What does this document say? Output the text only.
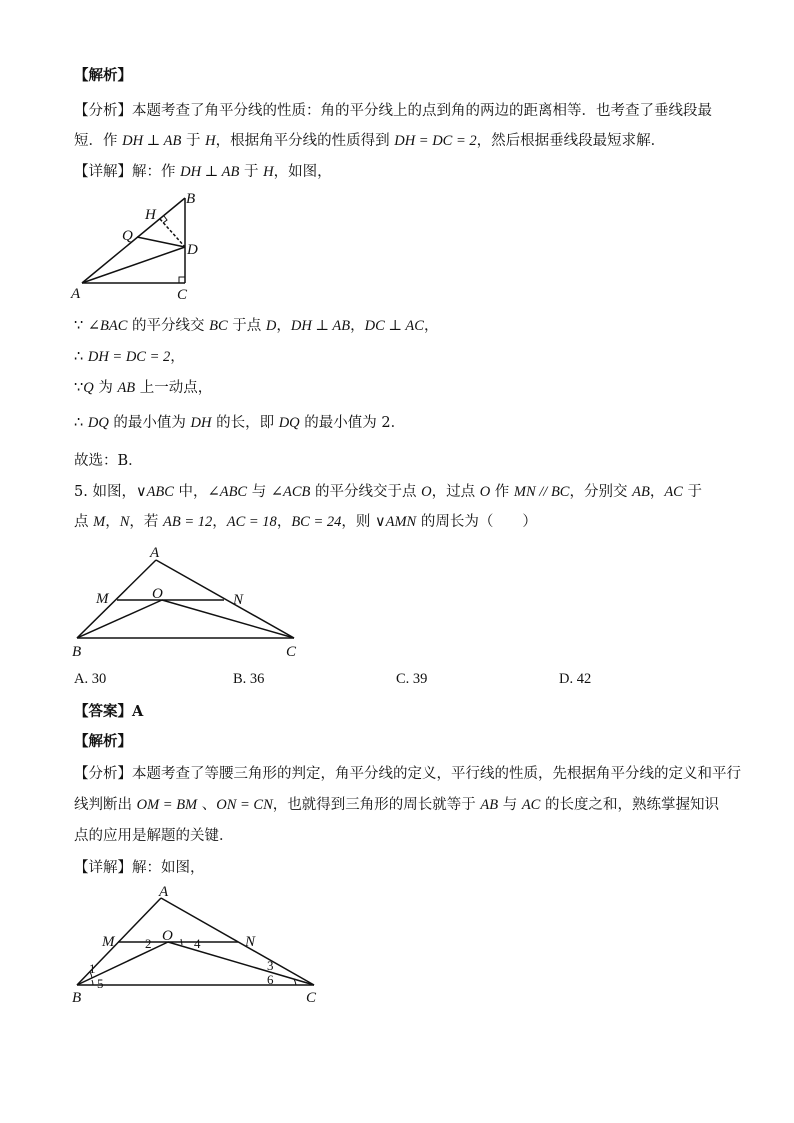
【解析】
【分析】本题考查了角平分线的性质：角的平分线上的点到角的两边的距离相等．也考查了垂线段最
短．作 DH ⊥ AB 于 H，根据角平分线的性质得到 DH = DC = 2，然后根据垂线段最短求解．
【详解】解：作 DH ⊥ AB 于 H，如图，
B
H
Q
D
A	C
∵ ∠BAC 的平分线交 BC 于点 D，DH ⊥ AB，DC ⊥ AC，
∴ DH = DC = 2，
∵Q 为 AB 上一动点，
∴ DQ 的最小值为 DH 的长，即 DQ 的最小值为 2．
故选：B．
5. 如图，∨ABC 中，∠ABC 与 ∠ACB 的平分线交于点 O，过点 O 作 MN // BC，分别交 AB，AC 于
点 M，N，若 AB = 12，AC = 18，BC = 24，则 ∨AMN 的周长为（　　）
A
M	O	N
B	C
A. 30	B. 36	C. 39	D. 42
【答案】A
【解析】
【分析】本题考查了等腰三角形的判定，角平分线的定义，平行线的性质，先根据角平分线的定义和平行
线判断出 OM = BM 、ON = CN，也就得到三角形的周长就等于 AB 与 AC 的长度之和，熟练掌握知识
点的应用是解题的关键．
【详解】解：如图，
A
M	O	N
B	C
1
2
3
4
5	6
